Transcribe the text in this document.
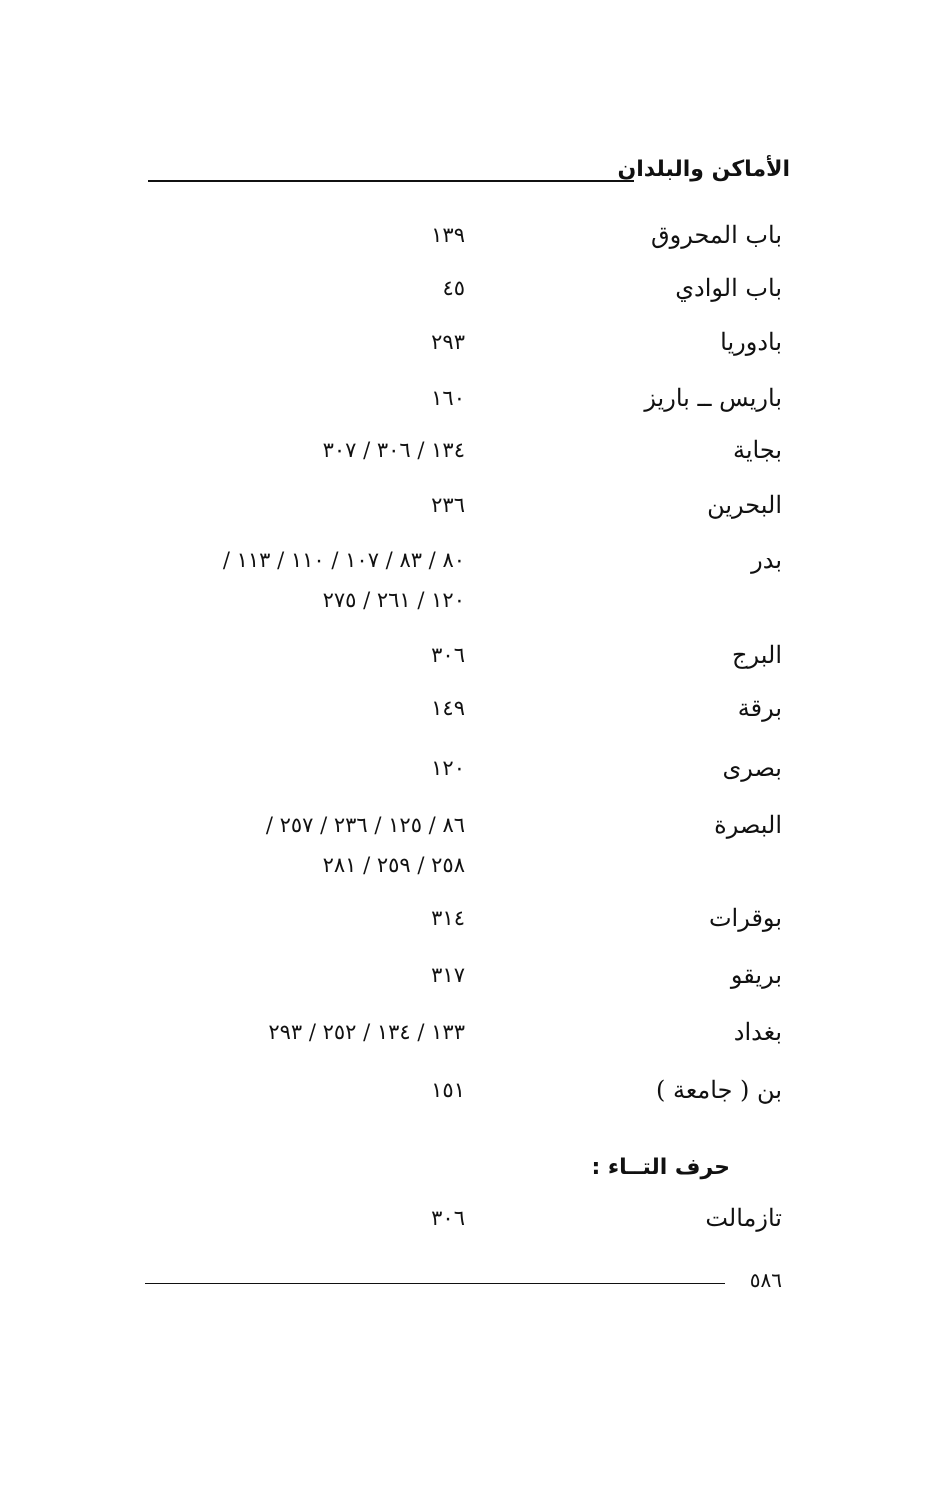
الأماكن والبلدان
باب المحروق
١٣٩
باب الوادي
٤٥
بادوريا
٢٩٣
باريس ــ باريز
١٦٠
بجاية
١٣٤ / ٣٠٦ / ٣٠٧
البحرين
٢٣٦
بدر
٨٠ / ٨٣ / ١٠٧ / ١١٠ / ١١٣ /
١٢٠ / ٢٦١ / ٢٧٥
البرج
٣٠٦
برقة
١٤٩
بصرى
١٢٠
البصرة
٨٦ / ١٢٥ / ٢٣٦ / ٢٥٧ /
٢٥٨ / ٢٥٩ / ٢٨١
بوقرات
٣١٤
بريقو
٣١٧
بغداد
١٣٣ / ١٣٤ / ٢٥٢ / ٢٩٣
بن ( جامعة )
١٥١
حرف التــاء :
تازمالت
٣٠٦
٥٨٦
